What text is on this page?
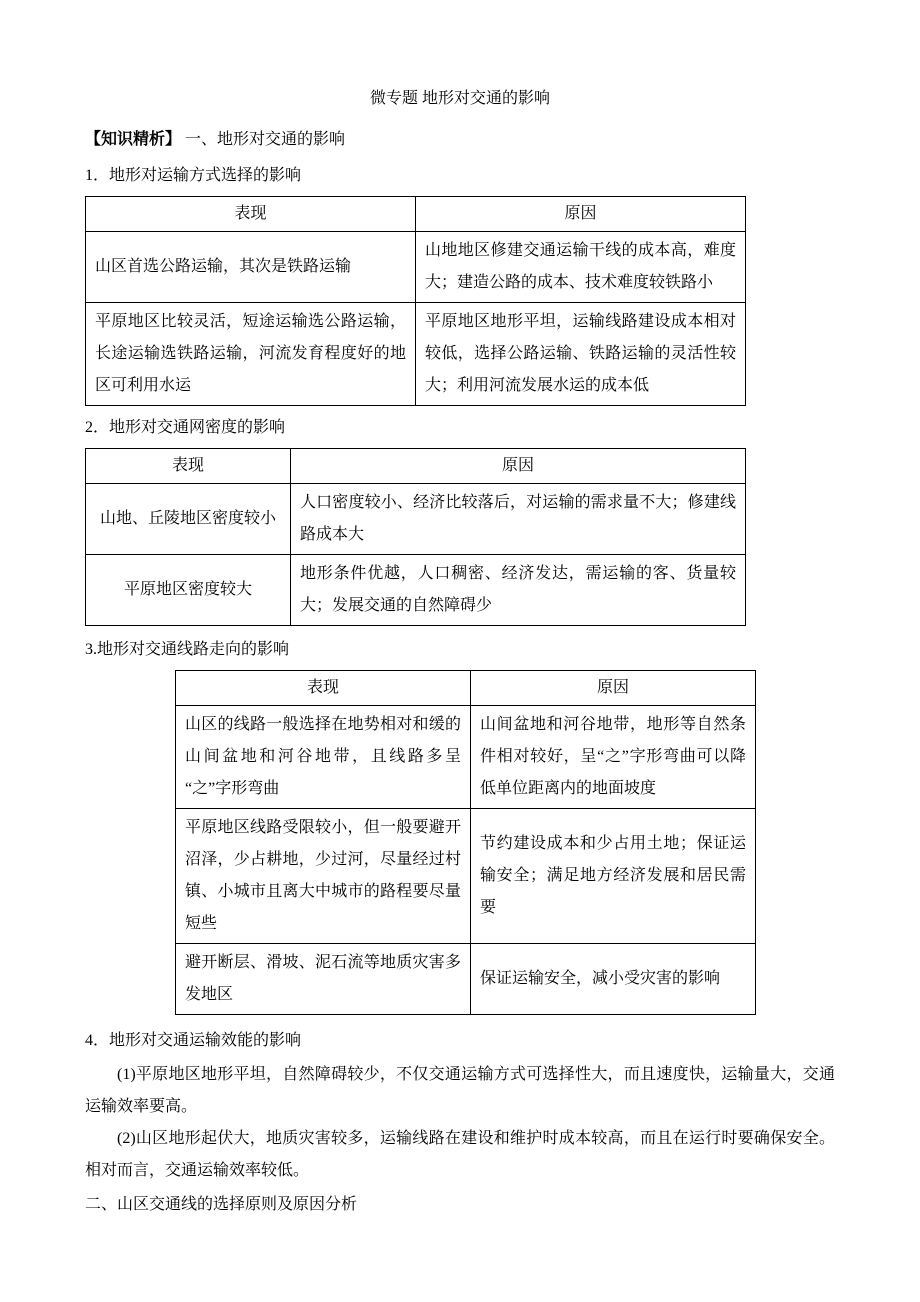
微专题 地形对交通的影响
【知识精析】 一、地形对交通的影响
1．地形对运输方式选择的影响
表现	原因
山区首选公路运输，其次是铁路运输	山地地区修建交通运输干线的成本高，难度大；建造公路的成本、技术难度较铁路小
平原地区比较灵活，短途运输选公路运输，长途运输选铁路运输，河流发育程度好的地区可利用水运	平原地区地形平坦，运输线路建设成本相对较低，选择公路运输、铁路运输的灵活性较大；利用河流发展水运的成本低
2．地形对交通网密度的影响
表现	原因
山地、丘陵地区密度较小	人口密度较小、经济比较落后，对运输的需求量不大；修建线路成本大
平原地区密度较大	地形条件优越，人口稠密、经济发达，需运输的客、货量较大；发展交通的自然障碍少
3.地形对交通线路走向的影响
表现	原因
山区的线路一般选择在地势相对和缓的山间盆地和河谷地带，且线路多呈 “之”字形弯曲	山间盆地和河谷地带，地形等自然条件相对较好，呈“之”字形弯曲可以降低单位距离内的地面坡度
平原地区线路受限较小，但一般要避开沼泽，少占耕地，少过河，尽量经过村镇、小城市且离大中城市的路程要尽量短些	节约建设成本和少占用土地；保证运输安全；满足地方经济发展和居民需要
避开断层、滑坡、泥石流等地质灾害多发地区	保证运输安全，减小受灾害的影响
4．地形对交通运输效能的影响

(1)平原地区地形平坦，自然障碍较少，不仅交通运输方式可选择性大，而且速度快，运输量大，交通 运输效率要高。

(2)山区地形起伏大，地质灾害较多，运输线路在建设和维护时成本较高，而且在运行时要确保安全。 相对而言，交通运输效率较低。

二、山区交通线的选择原则及原因分析
